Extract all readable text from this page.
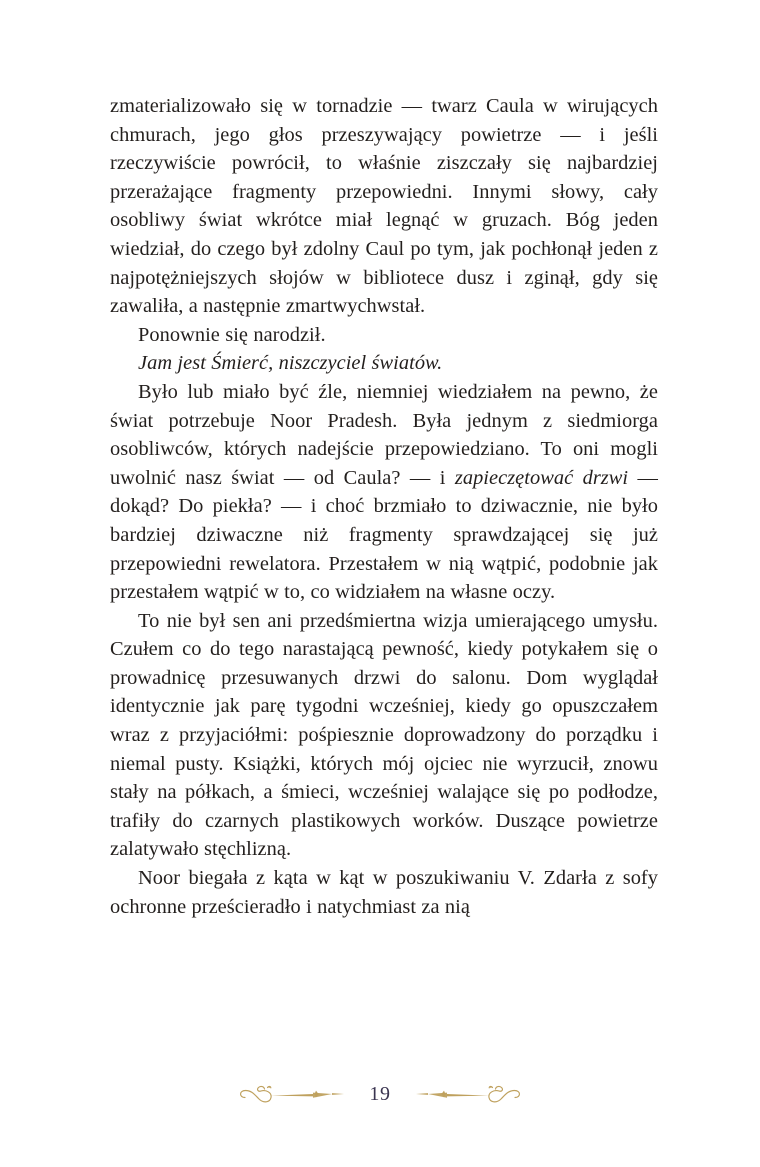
zmaterializowało się w tornadzie — twarz Caula w wirujących chmurach, jego głos przeszywający powietrze — i jeśli rzeczywiście powrócił, to właśnie ziszczały się najbardziej przerażające fragmenty przepowiedni. Innymi słowy, cały osobliwy świat wkrótce miał legnąć w gruzach. Bóg jeden wiedział, do czego był zdolny Caul po tym, jak pochłonął jeden z najpotężniejszych słojów w bibliotece dusz i zginął, gdy się zawaliła, a następnie zmartwychwstał.

Ponownie się narodził.

Jam jest Śmierć, niszczyciel światów.

Było lub miało być źle, niemniej wiedziałem na pewno, że świat potrzebuje Noor Pradesh. Była jednym z siedmiorga osobliwców, których nadejście przepowiedziano. To oni mogli uwolnić nasz świat — od Caula? — i zapieczętować drzwi — dokąd? Do piekła? — i choć brzmiało to dziwacznie, nie było bardziej dziwaczne niż fragmenty sprawdzającej się już przepowiedni rewelatora. Przestałem w nią wątpić, podobnie jak przestałem wątpić w to, co widziałem na własne oczy.

To nie był sen ani przedśmiertna wizja umierającego umysłu. Czułem co do tego narastającą pewność, kiedy potykałem się o prowadnicę przesuwanych drzwi do salonu. Dom wyglądał identycznie jak parę tygodni wcześniej, kiedy go opuszczałem wraz z przyjaciółmi: pośpiesznie doprowadzony do porządku i niemal pusty. Książki, których mój ojciec nie wyrzucił, znowu stały na półkach, a śmieci, wcześniej walające się po podłodze, trafiły do czarnych plastikowych worków. Duszące powietrze zalatywało stęchlizną.

Noor biegała z kąta w kąt w poszukiwaniu V. Zdarła z sofy ochronne prześcieradło i natychmiast za nią

19
